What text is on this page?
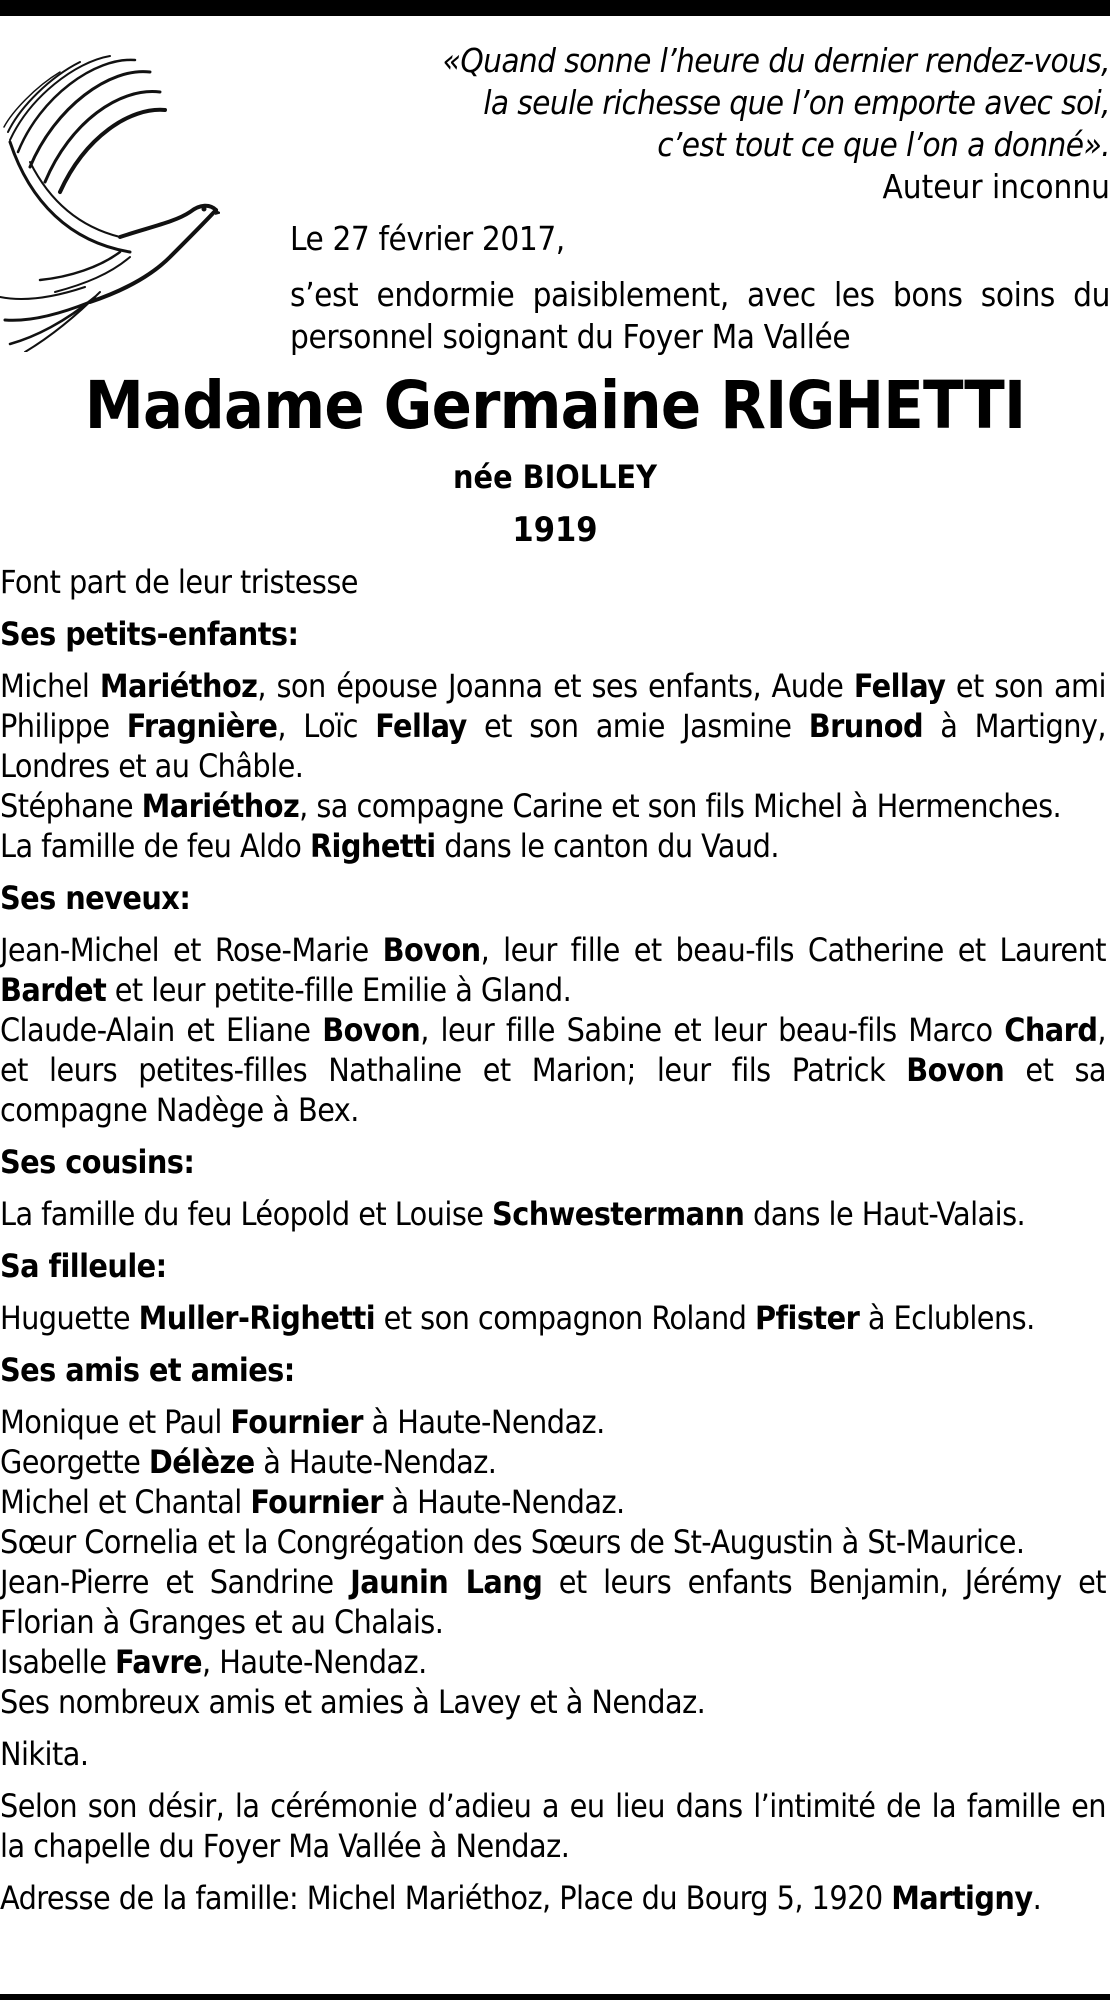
«Quand sonne l’heure du dernier rendez-vous,
la seule richesse que l’on emporte avec soi,
c’est tout ce que l’on a donné».
Auteur inconnu
Le 27 février 2017,
s’est endormie paisiblement, avec les bons soins du personnel soignant du Foyer Ma Vallée
Madame Germaine RIGHETTI
née BIOLLEY
1919

Font part de leur tristesse

Ses petits-enfants:

Michel Mariéthoz, son épouse Joanna et ses enfants, Aude Fellay et son ami Philippe Fragnière, Loïc Fellay et son amie Jasmine Brunod à Martigny, Londres et au Châble.

Stéphane Mariéthoz, sa compagne Carine et son fils Michel à Hermenches.

La famille de feu Aldo Righetti dans le canton du Vaud.

Ses neveux:

Jean-Michel et Rose-Marie Bovon, leur fille et beau-fils Catherine et Laurent Bardet et leur petite-fille Emilie à Gland.

Claude-Alain et Eliane Bovon, leur fille Sabine et leur beau-fils Marco Chard, et leurs petites-filles Nathaline et Marion; leur fils Patrick Bovon et sa compagne Nadège à Bex.

Ses cousins:

La famille du feu Léopold et Louise Schwestermann dans le Haut-Valais.

Sa filleule:

Huguette Muller-Righetti et son compagnon Roland Pfister à Eclublens.

Ses amis et amies:

Monique et Paul Fournier à Haute-Nendaz.

Georgette Délèze à Haute-Nendaz.

Michel et Chantal Fournier à Haute-Nendaz.

Sœur Cornelia et la Congrégation des Sœurs de St-Augustin à St-Maurice.

Jean-Pierre et Sandrine Jaunin Lang et leurs enfants Benjamin, Jérémy et Florian à Granges et au Chalais.

Isabelle Favre, Haute-Nendaz.

Ses nombreux amis et amies à Lavey et à Nendaz.

Nikita.

Selon son désir, la cérémonie d’adieu a eu lieu dans l’intimité de la famille en la chapelle du Foyer Ma Vallée à Nendaz.

Adresse de la famille: Michel Mariéthoz, Place du Bourg 5, 1920 Martigny.
